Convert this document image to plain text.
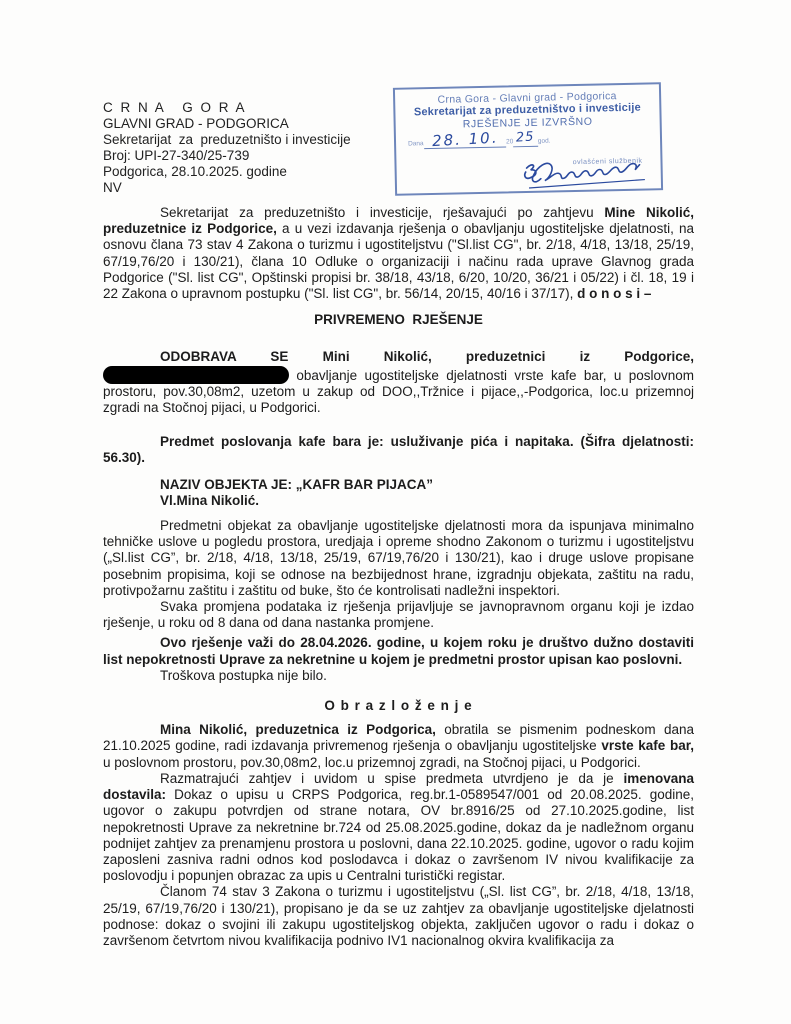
C R N A   G O R A
GLAVNI GRAD - PODGORICA
Sekretarijat  za  preduzetništo i investicije
Broj: UPI-27-340/25-739
Podgorica, 28.10.2025. godine
NV
Crna Gora - Glavni grad - Podgorica
Sekretarijat za preduzetništvo i investicije
RJEŠENJE JE IZVRŠNO
Dana 28. 10.	20 25 god.
ovlašćeni službenik

Sekretarijat za preduzetništo i investicije, rješavajući po zahtjevu Mine Nikolić, preduzetnice iz Podgorice, a u vezi izdavanja rješenja o obavljanju ugostiteljske djelatnosti, na osnovu člana 73 stav 4 Zakona o turizmu i ugostiteljstvu ("Sl.list CG", br. 2/18, 4/18, 13/18, 25/19, 67/19,76/20 i 130/21), člana 10 Odluke o organizaciji i načinu rada uprave Glavnog grada Podgorice ("Sl. list CG", Opštinski propisi br. 38/18, 43/18, 6/20, 10/20, 36/21 i 05/22) i čl. 18, 19 i 22 Zakona o upravnom postupku ("Sl. list CG", br. 56/14, 20/15, 40/16 i 37/17), d o n o s i –

PRIVREMENO  RJEŠENJE

ODOBRAVA SE Mini Nikolić, preduzetnici iz Podgorice,  obavljanje ugostiteljske djelatnosti vrste kafe bar, u poslovnom prostoru, pov.30,08m2, uzetom u zakup od DOO,,Tržnice i pijace,,-Podgorica, loc.u prizemnoj zgradi na Stočnoj pijaci, u Podgorici.

Predmet poslovanja kafe bara je: usluživanje pića i napitaka. (Šifra djelatnosti: 56.30).

NAZIV OBJEKTA JE: „KAFR BAR PIJACA”
Vl.Mina Nikolić.

Predmetni objekat za obavljanje ugostiteljske djelatnosti mora da ispunjava minimalno tehničke uslove u pogledu prostora, uredjaja i opreme shodno Zakonom o turizmu i ugostiteljstvu („Sl.list CG”, br. 2/18, 4/18, 13/18, 25/19, 67/19,76/20 i 130/21), kao i druge uslove propisane posebnim propisima, koji se odnose na bezbijednost hrane, izgradnju objekata, zaštitu na radu, protivpožarnu zaštitu i zaštitu od buke, što će kontrolisati nadležni inspektori.

Svaka promjena podataka iz rješenja prijavljuje se javnopravnom organu koji je izdao rješenje, u roku od 8 dana od dana nastanka promjene.

Ovo rješenje važi do 28.04.2026. godine, u kojem roku je društvo dužno dostaviti list nepokretnosti Uprave za nekretnine u kojem je predmetni prostor upisan kao poslovni.

Troškova postupka nije bilo.

O b r a z l o ž e n j e

Mina Nikolić, preduzetnica iz Podgorica, obratila se pismenim podneskom dana 21.10.2025 godine, radi izdavanja privremenog rješenja o obavljanju ugostiteljske vrste kafe bar, u poslovnom prostoru, pov.30,08m2, loc.u prizemnoj zgradi, na Stočnoj pijaci, u Podgorici.

Razmatrajući zahtjev i uvidom u spise predmeta utvrdjeno je da je imenovana dostavila: Dokaz o upisu u CRPS Podgorica, reg.br.1-0589547/001 od 20.08.2025. godine, ugovor o zakupu potvrdjen od strane notara, OV br.8916/25 od 27.10.2025.godine, list nepokretnosti Uprave za nekretnine br.724 od 25.08.2025.godine, dokaz da je nadležnom organu podnijet zahtjev za prenamjenu prostora u poslovni, dana 22.10.2025. godine, ugovor o radu kojim zaposleni zasniva radni odnos kod poslodavca i dokaz o završenom IV nivou kvalifikacije za poslovodju i popunjen obrazac za upis u Centralni turistički registar.

Članom 74 stav 3 Zakona o turizmu i ugostiteljstvu („Sl. list CG”, br. 2/18, 4/18, 13/18, 25/19, 67/19,76/20 i 130/21), propisano je da se uz zahtjev za obavljanje ugostiteljske djelatnosti podnose: dokaz o svojini ili zakupu ugostiteljskog objekta, zaključen ugovor o radu i dokaz o završenom četvrtom nivou kvalifikacija podnivo IV1 nacionalnog okvira kvalifikacija za
